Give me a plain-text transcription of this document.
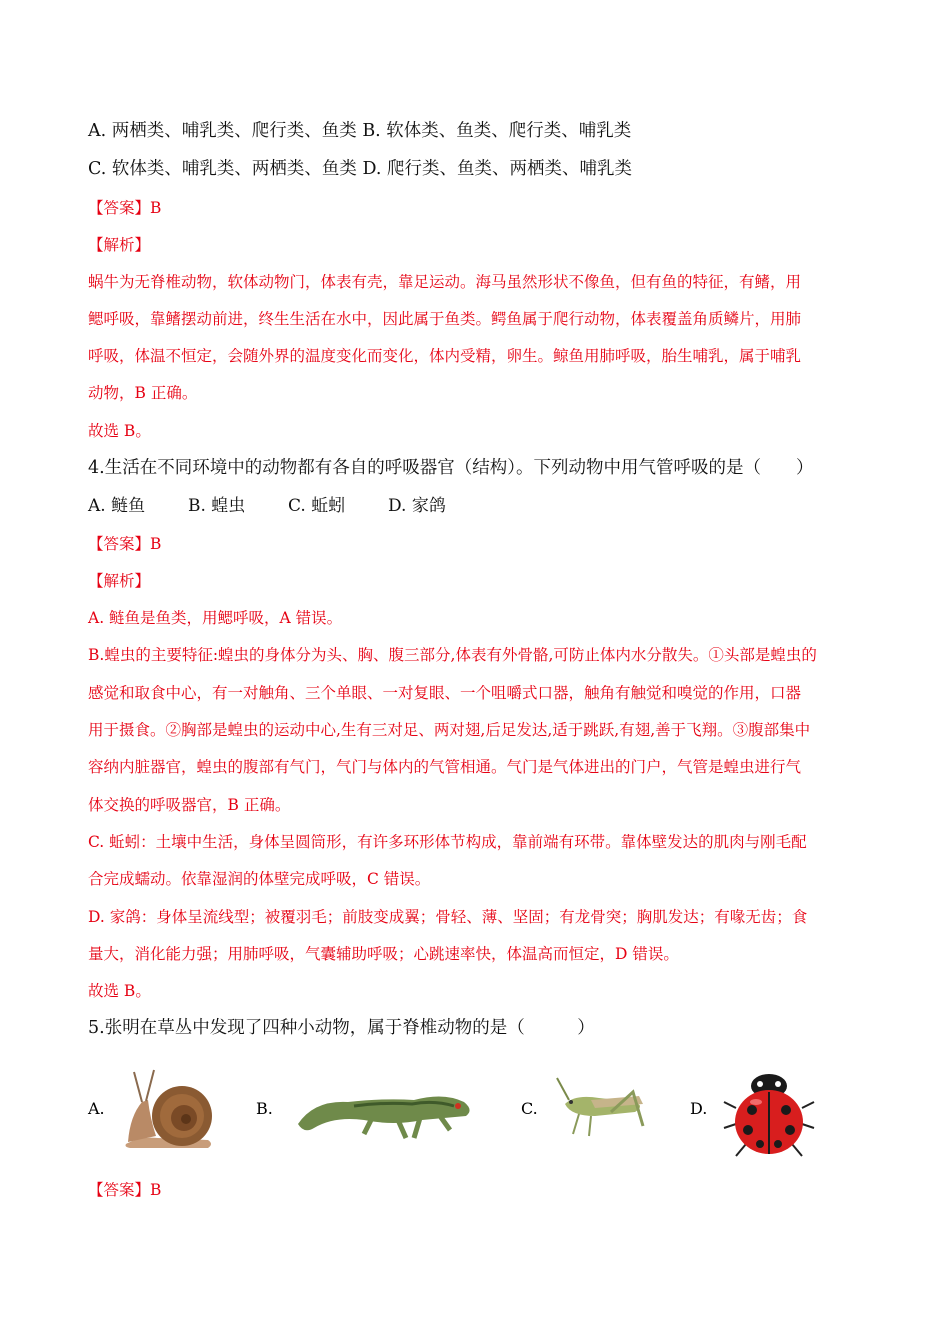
A. 两栖类、哺乳类、爬行类、鱼类 B. 软体类、鱼类、爬行类、哺乳类
C. 软体类、哺乳类、两栖类、鱼类 D. 爬行类、鱼类、两栖类、哺乳类
【答案】B
【解析】
蜗牛为无脊椎动物，软体动物门，体表有壳，靠足运动。海马虽然形状不像鱼，但有鱼的特征，有鳍，用
鳃呼吸，靠鳍摆动前进，终生生活在水中，因此属于鱼类。鳄鱼属于爬行动物，体表覆盖角质鳞片，用肺
呼吸，体温不恒定，会随外界的温度变化而变化，体内受精，卵生。鲸鱼用肺呼吸，胎生哺乳，属于哺乳
动物，B 正确。
故选 B。
4.生活在不同环境中的动物都有各自的呼吸器官（结构）。下列动物中用气管呼吸的是（　　）
A. 鲢鱼	B. 蝗虫	C. 蚯蚓	D. 家鸽
【答案】B
【解析】
A. 鲢鱼是鱼类，用鳃呼吸，A 错误。
B.蝗虫的主要特征:蝗虫的身体分为头、胸、腹三部分,体表有外骨骼,可防止体内水分散失。①头部是蝗虫的
感觉和取食中心，有一对触角、三个单眼、一对复眼、一个咀嚼式口器，触角有触觉和嗅觉的作用，口器
用于摄食。②胸部是蝗虫的运动中心,生有三对足、两对翅,后足发达,适于跳跃,有翅,善于飞翔。③腹部集中
容纳内脏器官，蝗虫的腹部有气门，气门与体内的气管相通。气门是气体进出的门户，气管是蝗虫进行气
体交换的呼吸器官，B 正确。
C. 蚯蚓：土壤中生活，身体呈圆筒形，有许多环形体节构成，靠前端有环带。靠体壁发达的肌肉与刚毛配
合完成蠕动。依靠湿润的体壁完成呼吸，C 错误。
D. 家鸽：身体呈流线型；被覆羽毛；前肢变成翼；骨轻、薄、坚固；有龙骨突；胸肌发达；有喙无齿；食
量大，消化能力强；用肺呼吸，气囊辅助呼吸；心跳速率快，体温高而恒定，D 错误。
故选 B。
5.张明在草丛中发现了四种小动物，属于脊椎动物的是（　　　）
A.	B.	C.	D.
【答案】B
